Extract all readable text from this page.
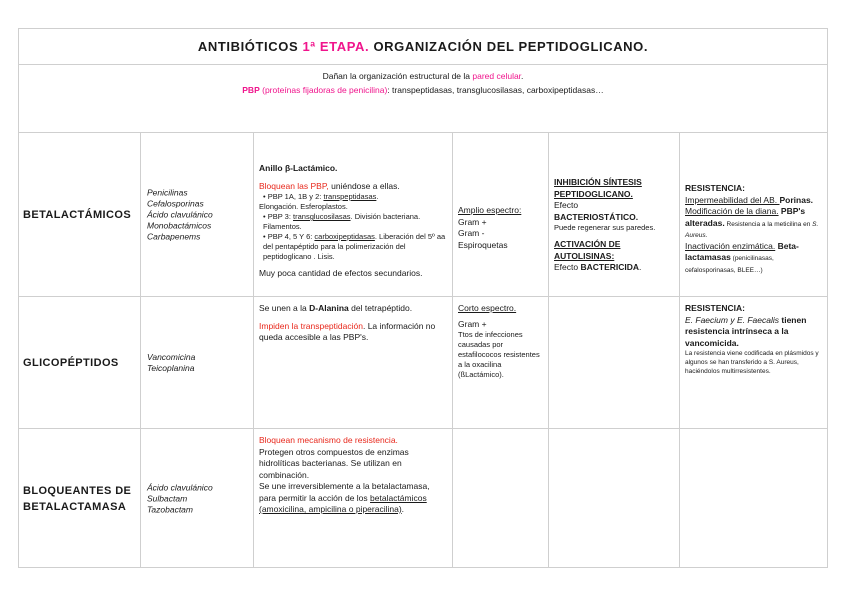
ANTIBIÓTICOS 1ª ETAPA. ORGANIZACIÓN DEL PEPTIDOGLICANO.

Dañan la organización estructural de la pared celular.

PBP (proteínas fijadoras de penicilina): transpeptidasas, transglucosilasas, carboxipeptidasas…

BETALACTÁMICOS
Penicilinas
Cefalosporinas
Ácido clavulánico
Monobactámicos
Carbapenems

Anillo β-Lactámico.

Bloquean las PBP, uniéndose a ellas.

• PBP 1A, 1B y 2: transpeptidasas.

Elongación. Esferoplastos.

• PBP 3: transglucosilasas. División bacteriana. Filamentos.

• PBP 4, 5 Y 6: carboxipeptidasas. Liberación del 5º aa del pentapéptido para la polimerización del peptidoglicano . Lisis.

Muy poca cantidad de efectos secundarios.

Amplio espectro:

Gram +

Gram -

Espiroquetas

INHIBICIÓN SÍNTESIS PEPTIDOGLICANO.

Efecto

BACTERIOSTÁTICO.

Puede regenerar sus paredes.

ACTIVACIÓN DE AUTOLISINAS:

Efecto BACTERICIDA.

RESISTENCIA:

Impermeabilidad del AB. Porinas.

Modificación de la diana. PBP's alteradas. Resistencia a la meticilina en S. Aureus.

Inactivación enzimática. Beta-lactamasas (penicilinasas, cefalosporinasas, BLEE…)

GLICOPÉPTIDOS	Vancomicina
Teicoplanina

Se unen a la D-Alanina del tetrapéptido.

Impiden la transpeptidación. La información no queda accesible a las PBP's.

Corto espectro.

Gram +

Ttos de infecciones causadas por estafilococos resistentes a la oxacilina (ßLactámico).

RESISTENCIA:

E. Faecium y E. Faecalis tienen resistencia intrínseca a la vancomicida.

La resistencia viene codificada en plásmidos y algunos se han transferido a S. Aureus, haciéndolos multirresistentes.

BLOQUEANTES DE
BETALACTAMASA
Ácido clavulánico
Sulbactam
Tazobactam

Bloquean mecanismo de resistencia.

Protegen otros compuestos de enzimas hidrolíticas bacterianas. Se utilizan en combinación.

Se une irreversiblemente a la betalactamasa, para permitir la acción de los betalactámicos (amoxicilina, ampicilina o piperacilina).
